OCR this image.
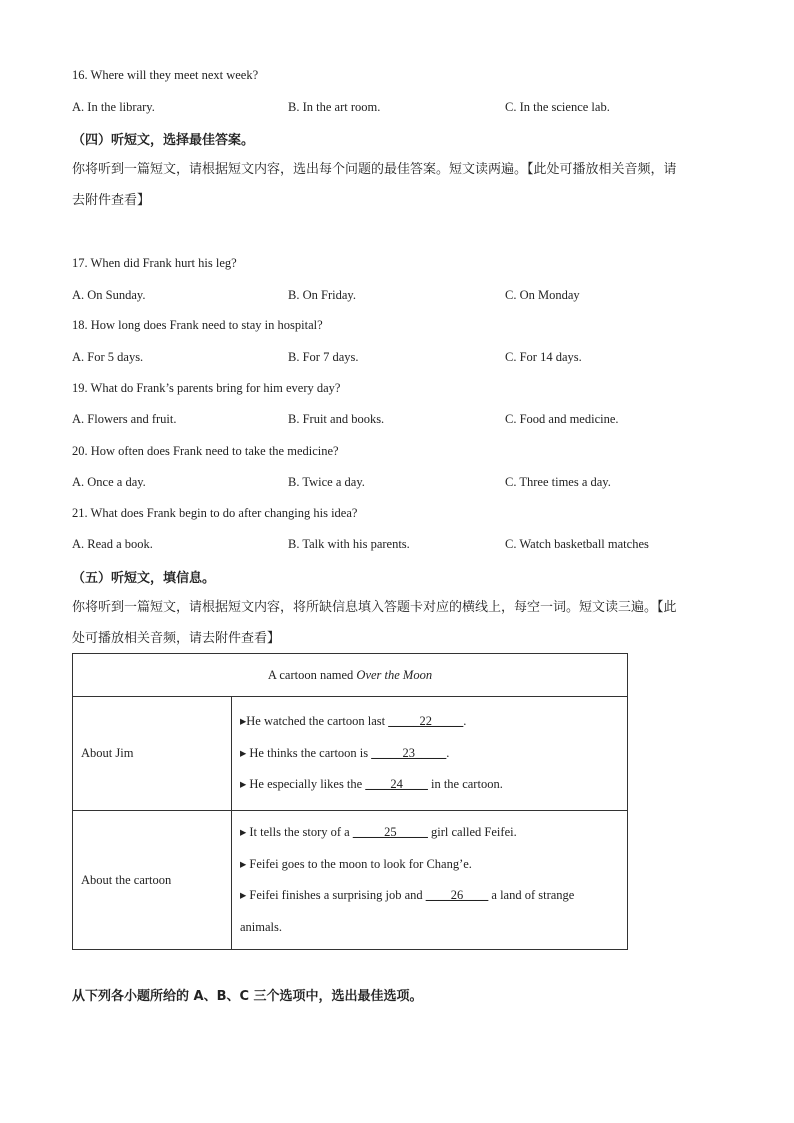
16. Where will they meet next week?
A. In the library.	B. In the art room.	C. In the science lab.
（四）听短文，选择最佳答案。
你将听到一篇短文，请根据短文内容，选出每个问题的最佳答案。短文读两遍。【此处可播放相关音频，请
去附件查看】
17. When did Frank hurt his leg?
A. On Sunday.	B. On Friday.	C. On Monday
18. How long does Frank need to stay in hospital?
A. For 5 days.	B. For 7 days.	C. For 14 days.
19. What do Frank’s parents bring for him every day?
A. Flowers and fruit.	B. Fruit and books.	C. Food and medicine.
20. How often does Frank need to take the medicine?
A. Once a day.	B. Twice a day.	C. Three times a day.
21. What does Frank begin to do after changing his idea?
A. Read a book.	B. Talk with his parents.	C. Watch basketball matches
（五）听短文，填信息。
你将听到一篇短文，请根据短文内容，将所缺信息填入答题卡对应的横线上，每空一词。短文读三遍。【此
处可播放相关音频，请去附件查看】
A cartoon named Over the Moon	
About Jim	▸He watched the cartoon last _____22_____.
▸ He thinks the cartoon is _____23_____.
▸ He especially likes the ____24____ in the cartoon.

About the cartoon	▸ It tells the story of a _____25_____ girl called Feifei.
▸ Feifei goes to the moon to look for Chang’e.
▸ Feifei finishes a surprising job and ____26____ a land of strange
animals.
从下列各小题所给的 A、B、C 三个选项中，选出最佳选项。
